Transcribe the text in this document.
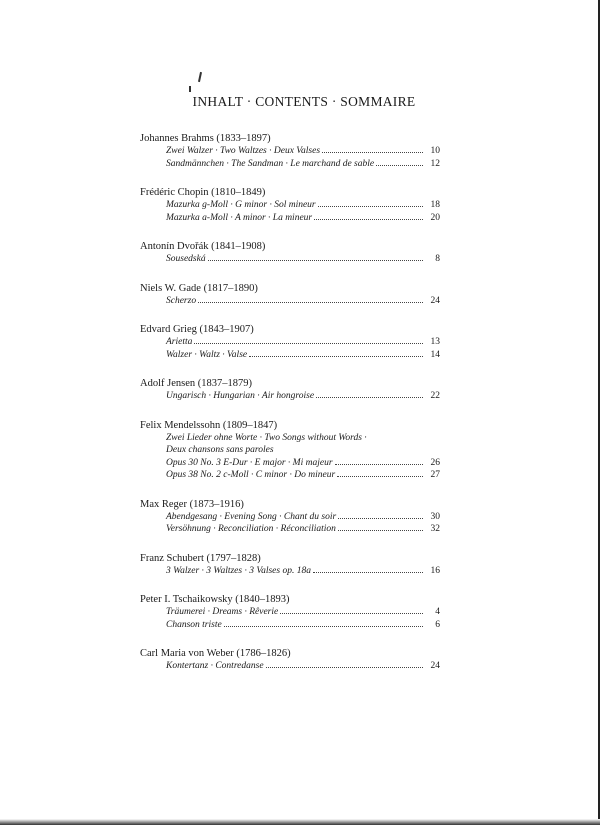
INHALT · CONTENTS · SOMMAIRE
Johannes Brahms (1833–1897)
Zwei Walzer · Two Waltzes · Deux Valses	10
Sandmännchen · The Sandman · Le marchand de sable	12
Frédéric Chopin (1810–1849)
Mazurka g-Moll · G minor · Sol mineur	18
Mazurka a-Moll · A minor · La mineur	20
Antonín Dvořák (1841–1908)
Sousedská	8
Niels W. Gade (1817–1890)
Scherzo	24
Edvard Grieg (1843–1907)
Arietta	13
Walzer · Waltz · Valse	14
Adolf Jensen (1837–1879)
Ungarisch · Hungarian · Air hongroise	22
Felix Mendelssohn (1809–1847)
Zwei Lieder ohne Worte · Two Songs without Words ·
Deux chansons sans paroles
Opus 30 No. 3 E-Dur · E major · Mi majeur	26
Opus 38 No. 2 c-Moll · C minor · Do mineur	27
Max Reger (1873–1916)
Abendgesang · Evening Song · Chant du soir	30
Versöhnung · Reconciliation · Réconciliation	32
Franz Schubert (1797–1828)
3 Walzer · 3 Waltzes · 3 Valses op. 18a	16
Peter I. Tschaikowsky (1840–1893)
Träumerei · Dreams · Rêverie	4
Chanson triste	6
Carl Maria von Weber (1786–1826)
Kontertanz · Contredanse	24
